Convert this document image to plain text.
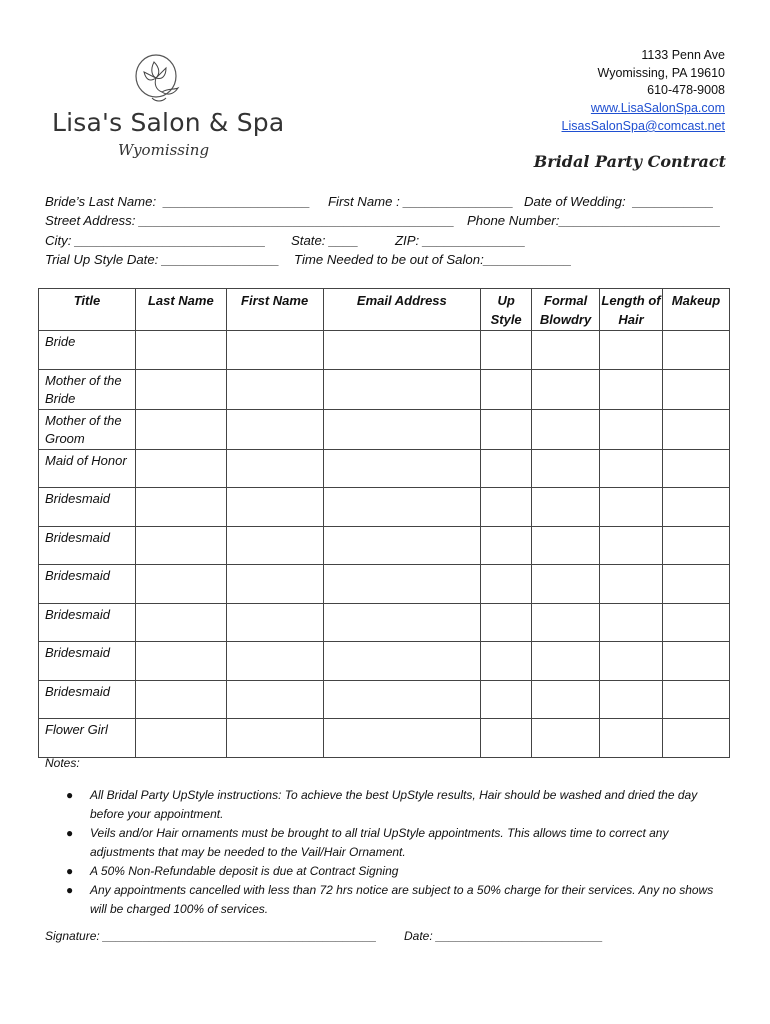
Lisa's Salon & Spa
Wyomissing
1133 Penn Ave
Wyomissing, PA 19610
610-478-9008
www.LisaSalonSpa.com
LisasSalonSpa@comcast.net
Bridal Party Contract

Bride’s Last Name:  ____________________

First Name : _______________

Date of Wedding:  ___________

Street Address: ___________________________________________

Phone Number:______________________

City: __________________________

State: ____

	ZIP: ______________

Trial Up Style Date: ________________

Time Needed to be out of Salon:____________

Title	Last Name	First Name	Email Address	Up Style	Formal Blowdry	Length of Hair	Makeup
Bride							
Mother of the Bride							
Mother of the Groom							
Maid of Honor							
Bridesmaid							
Bridesmaid							
Bridesmaid							
Bridesmaid							
Bridesmaid							
Bridesmaid							
Flower Girl							
Notes:
● All Bridal Party UpStyle instructions: To achieve the best UpStyle results, Hair should be washed and dried the day before your appointment.
● Veils and/or Hair ornaments must be brought to all trial UpStyle appointments. This allows time to correct any adjustments that may be needed to the Vail/Hair Ornament.
● A 50% Non-Refundable deposit is due at Contract Signing
● Any appointments cancelled with less than 72 hrs notice are subject to a 50% charge for their services. Any no shows will be charged 100% of services.

Signature: _________________________________________

Date: _________________________
